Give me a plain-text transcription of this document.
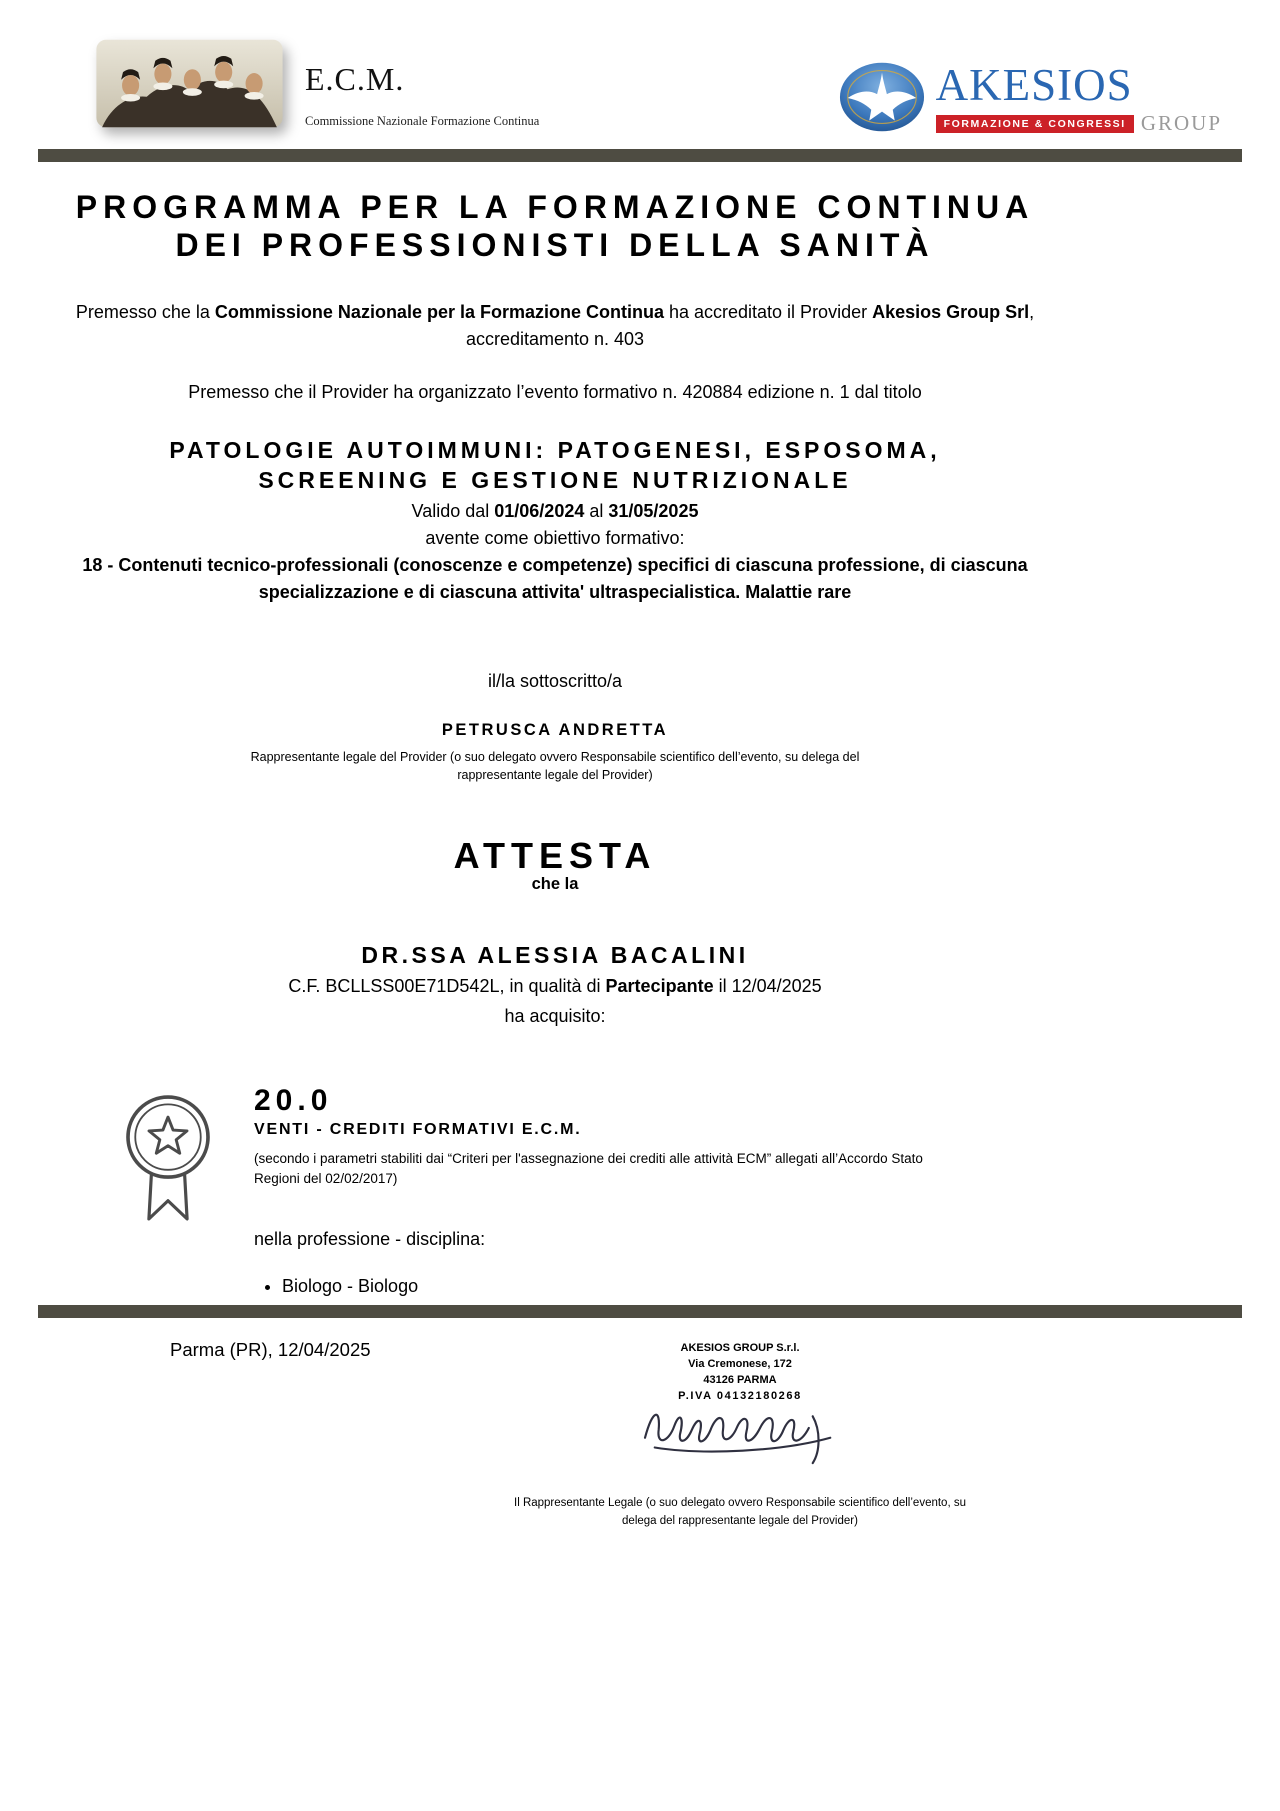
E.C.M.
Commissione Nazionale Formazione Continua
AKESIOS
FORMAZIONE & CONGRESSI GROUP
PROGRAMMA PER LA FORMAZIONE CONTINUA
DEI PROFESSIONISTI DELLA SANITÀ

Premesso che la Commissione Nazionale per la Formazione Continua ha accreditato il Provider Akesios Group Srl, accreditamento n. 403

Premesso che il Provider ha organizzato l’evento formativo n. 420884 edizione n. 1 dal titolo

PATOLOGIE AUTOIMMUNI: PATOGENESI, ESPOSOMA,
SCREENING E GESTIONE NUTRIZIONALE

Valido dal 01/06/2024 al 31/05/2025

avente come obiettivo formativo:

18 - Contenuti tecnico-professionali (conoscenze e competenze) specifici di ciascuna professione, di ciascuna specializzazione e di ciascuna attivita' ultraspecialistica. Malattie rare

il/la sottoscritto/a

PETRUSCA ANDRETTA

Rappresentante legale del Provider (o suo delegato ovvero Responsabile scientifico dell’evento, su delega del rappresentante legale del Provider)

ATTESTA

che la

DR.SSA ALESSIA BACALINI

C.F. BCLLSS00E71D542L, in qualità di Partecipante il 12/04/2025

ha acquisito:

20.0
VENTI - CREDITI FORMATIVI E.C.M.
(secondo i parametri stabiliti dai “Criteri per l'assegnazione dei crediti alle attività ECM” allegati all’Accordo Stato Regioni del 02/02/2017)
nella professione - disciplina:
• Biologo - Biologo
Parma (PR), 12/04/2025	AKESIOS GROUP S.r.l.
Via Cremonese, 172
43126 PARMA
P.IVA 04132180268
Il Rappresentante Legale (o suo delegato ovvero Responsabile scientifico dell’evento, su delega del rappresentante legale del Provider)
